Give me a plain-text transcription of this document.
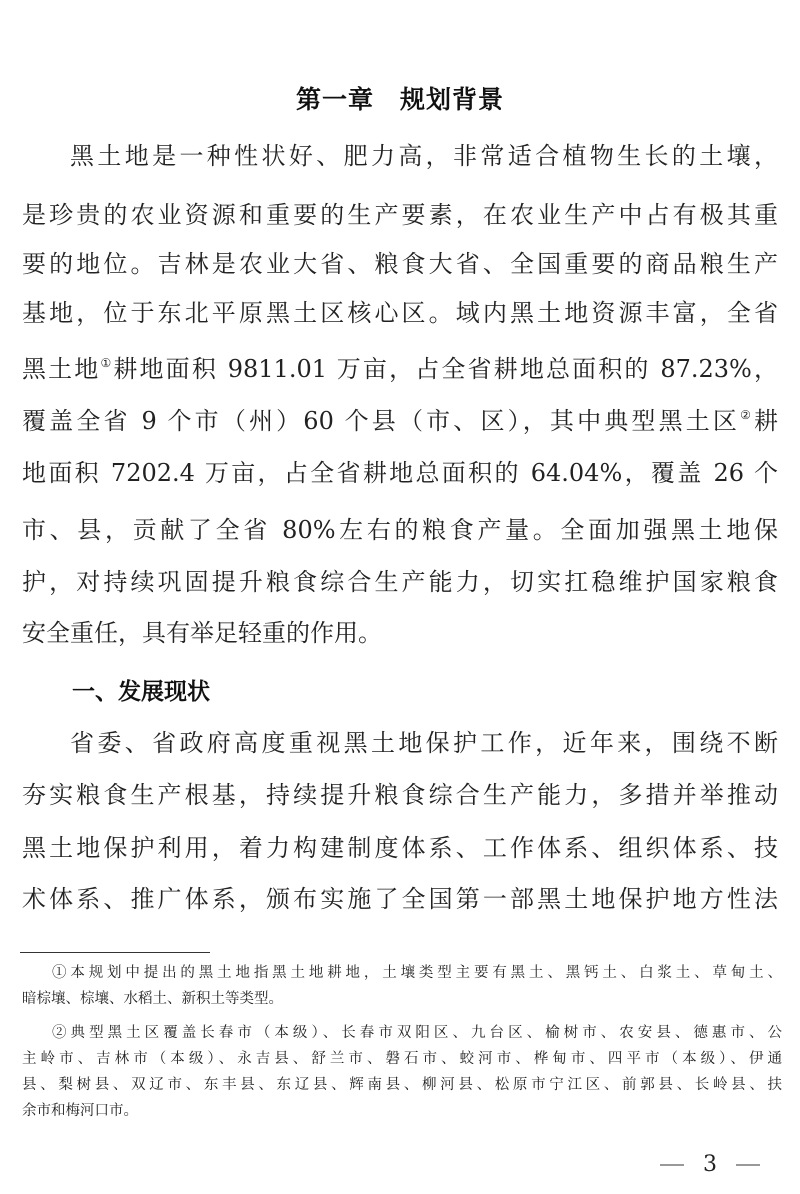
第一章 规划背景
黑土地是一种性状好、肥力高，非常适合植物生长的土壤，
是珍贵的农业资源和重要的生产要素，在农业生产中占有极其重
要的地位。吉林是农业大省、粮食大省、全国重要的商品粮生产
基地，位于东北平原黑土区核心区。域内黑土地资源丰富，全省
黑土地①耕地面积 9811.01 万亩，占全省耕地总面积的 87.23%，
覆盖全省 9 个市（州）60 个县（市、区），其中典型黑土区②耕
地面积 7202.4 万亩，占全省耕地总面积的 64.04%，覆盖 26 个
市、县，贡献了全省 80%左右的粮食产量。全面加强黑土地保
护，对持续巩固提升粮食综合生产能力，切实扛稳维护国家粮食
安全重任，具有举足轻重的作用。
一、发展现状
省委、省政府高度重视黑土地保护工作，近年来，围绕不断
夯实粮食生产根基，持续提升粮食综合生产能力，多措并举推动
黑土地保护利用，着力构建制度体系、工作体系、组织体系、技
术体系、推广体系，颁布实施了全国第一部黑土地保护地方性法
①本规划中提出的黑土地指黑土地耕地，土壤类型主要有黑土、黑钙土、白浆土、草甸土、
暗棕壤、棕壤、水稻土、新积土等类型。
②典型黑土区覆盖长春市（本级）、长春市双阳区、九台区、榆树市、农安县、德惠市、公
主岭市、吉林市（本级）、永吉县、舒兰市、磐石市、蛟河市、桦甸市、四平市（本级）、伊通
县、梨树县、双辽市、东丰县、东辽县、辉南县、柳河县、松原市宁江区、前郭县、长岭县、扶
余市和梅河口市。
3
